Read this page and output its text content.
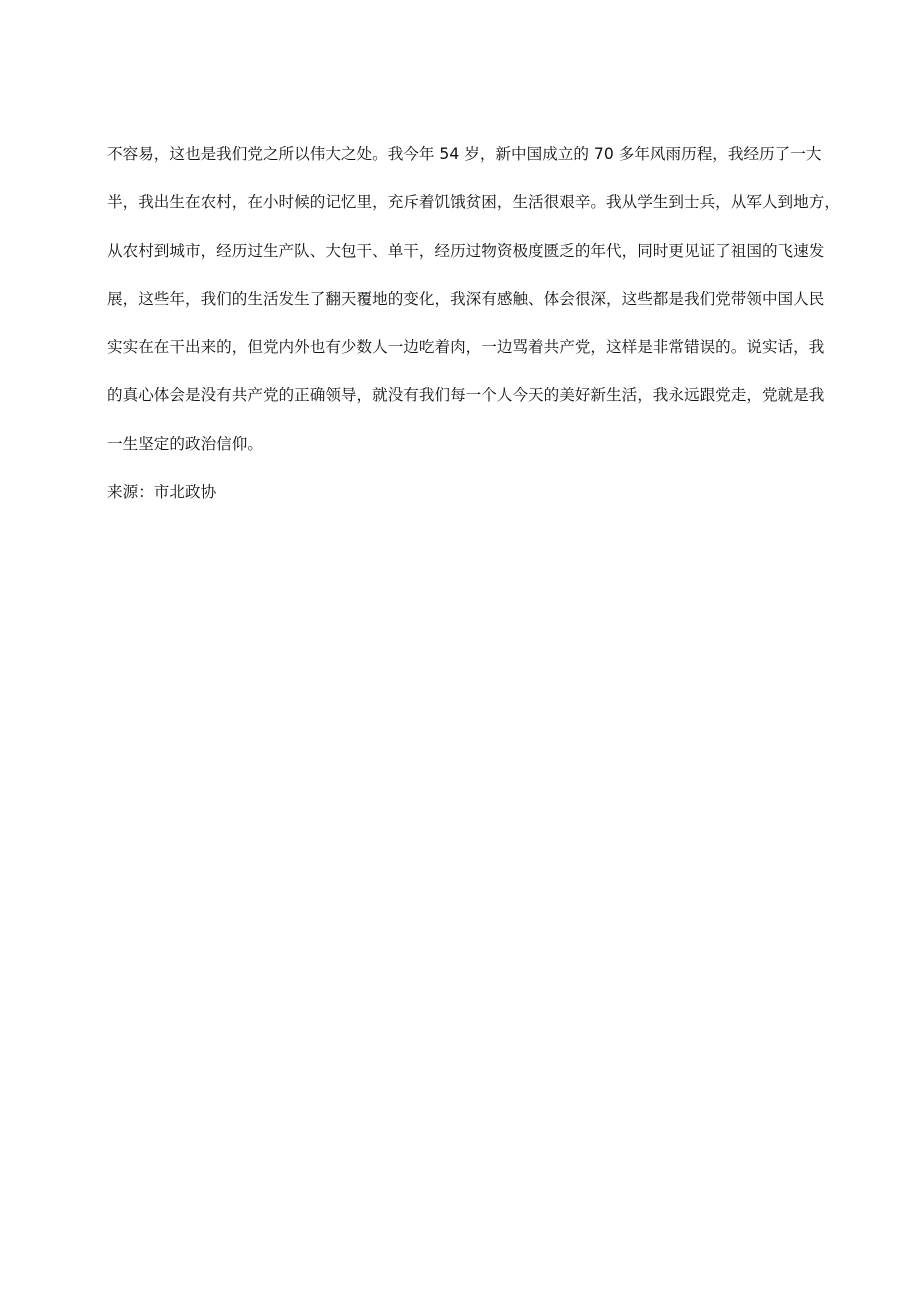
不容易，这也是我们党之所以伟大之处。我今年 54 岁，新中国成立的 70 多年风雨历程，我经历了一大
半，我出生在农村，在小时候的记忆里，充斥着饥饿贫困，生活很艰辛。我从学生到士兵，从军人到地方，
从农村到城市，经历过生产队、大包干、单干，经历过物资极度匮乏的年代，同时更见证了祖国的飞速发
展，这些年，我们的生活发生了翻天覆地的变化，我深有感触、体会很深，这些都是我们党带领中国人民
实实在在干出来的，但党内外也有少数人一边吃着肉，一边骂着共产党，这样是非常错误的。说实话，我
的真心体会是没有共产党的正确领导，就没有我们每一个人今天的美好新生活，我永远跟党走，党就是我
一生坚定的政治信仰。
来源：市北政协
